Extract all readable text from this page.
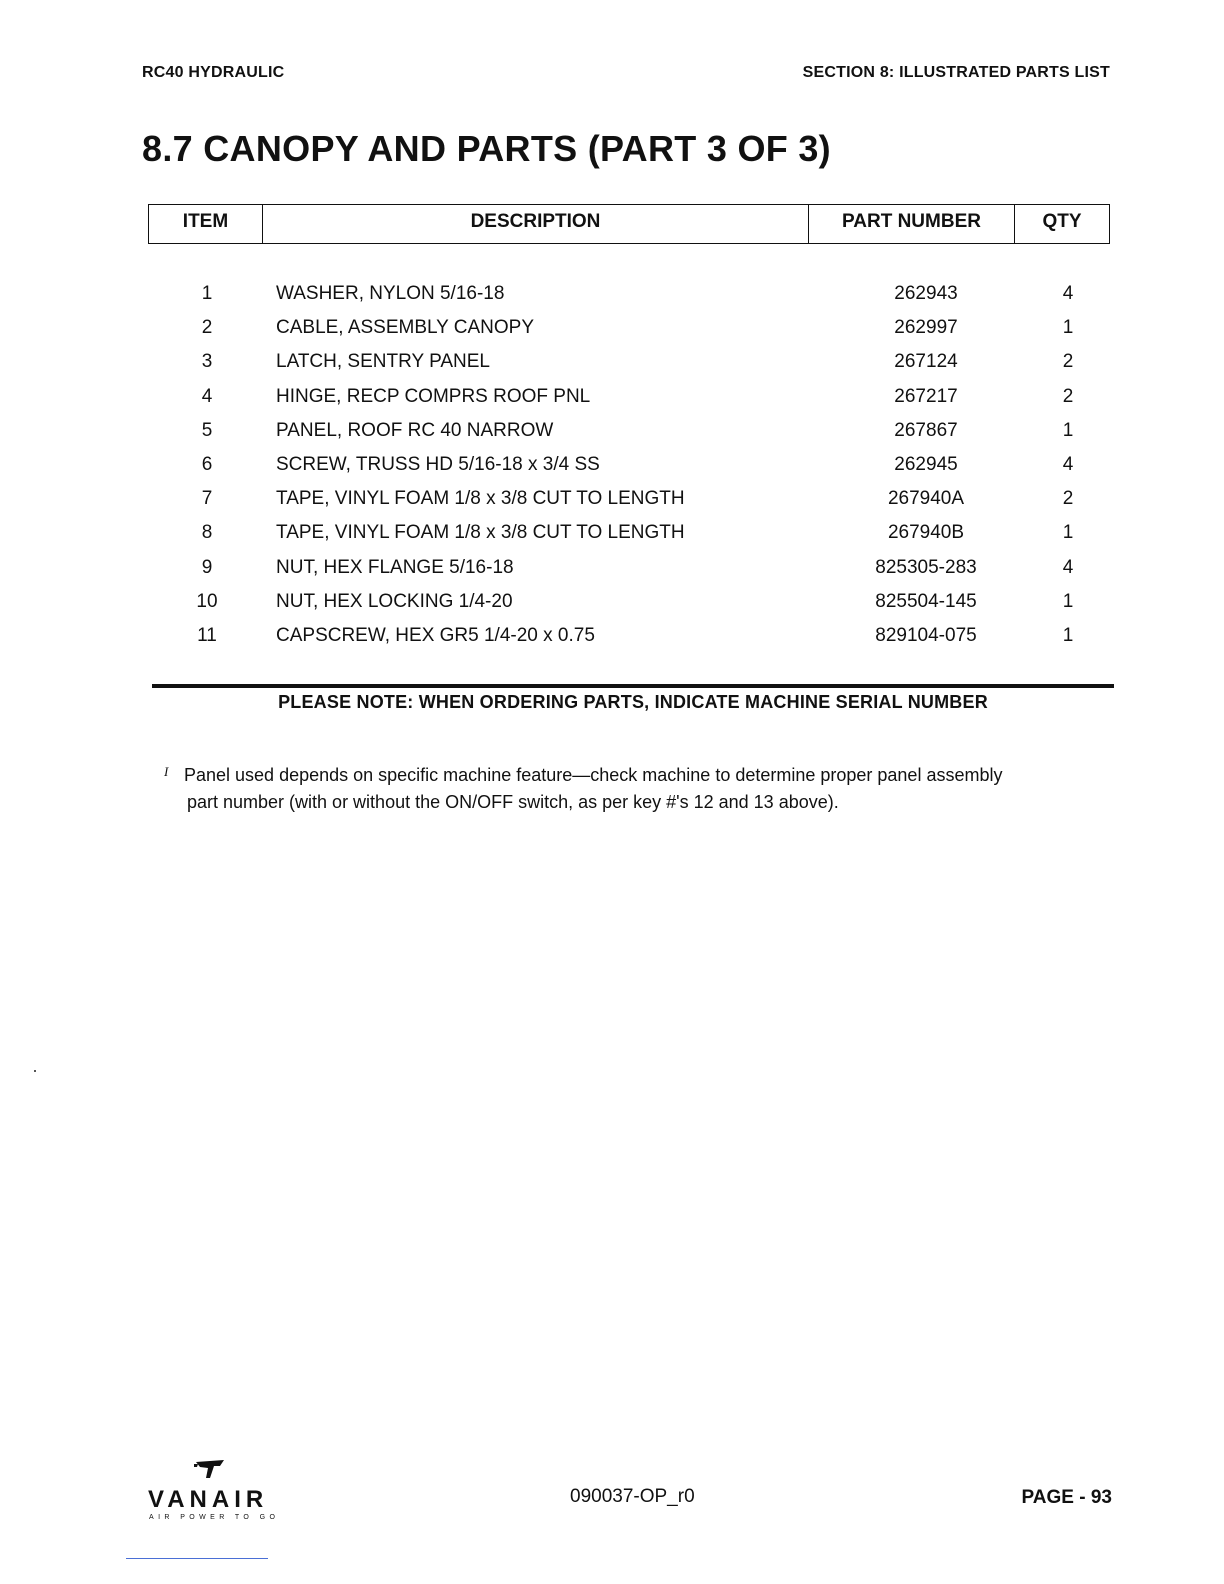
RC40 HYDRAULIC	SECTION 8: ILLUSTRATED PARTS LIST
8.7 CANOPY AND PARTS (PART 3 OF 3)
ITEM	DESCRIPTION	PART NUMBER	QTY
1	WASHER, NYLON 5/16-18	262943	4
2	CABLE, ASSEMBLY CANOPY	262997	1
3	LATCH, SENTRY PANEL	267124	2
4	HINGE, RECP COMPRS ROOF PNL	267217	2
5	PANEL, ROOF RC 40 NARROW	267867	1
6	SCREW, TRUSS HD 5/16-18 x 3/4 SS	262945	4
7	TAPE, VINYL FOAM 1/8 x 3/8 CUT TO LENGTH	267940A	2
8	TAPE, VINYL FOAM 1/8 x 3/8 CUT TO LENGTH	267940B	1
9	NUT, HEX FLANGE 5/16-18	825305-283	4
10	NUT, HEX LOCKING 1/4-20	825504-145	1
11	CAPSCREW, HEX GR5 1/4-20 x 0.75	829104-075	1
PLEASE NOTE: WHEN ORDERING PARTS, INDICATE MACHINE SERIAL NUMBER
I Panel used depends on specific machine feature—check machine to determine proper panel assembly
part number (with or without the ON/OFF switch, as per key #'s 12 and 13 above).
VANAIR
AIR POWER TO GO
090037-OP_r0	PAGE - 93
